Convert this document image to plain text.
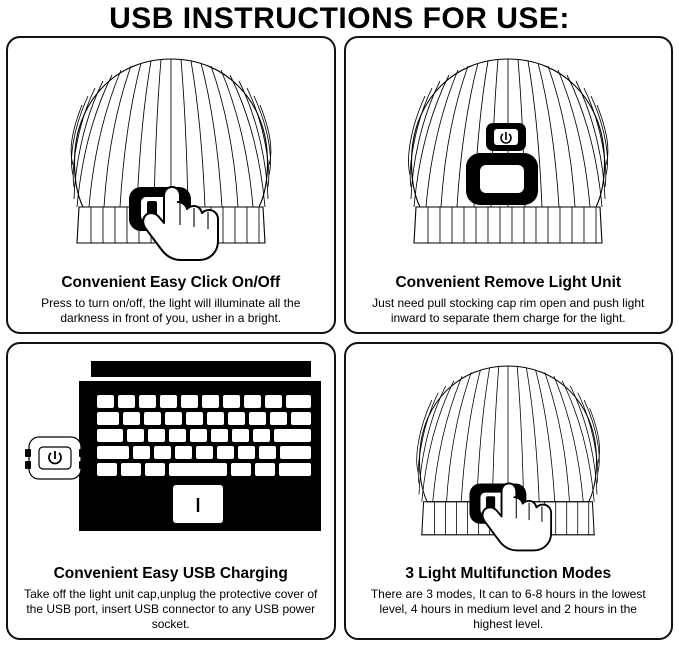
USB INSTRUCTIONS FOR USE:
Convenient Easy Click On/Off

Press to turn on/off, the light will illuminate all the darkness in front of you, usher in a bright.

Convenient Remove Light Unit

Just need pull stocking cap rim open and push light inward to separate them charge for the light.

Convenient Easy USB Charging

Take off the light unit cap,unplug the protective cover of the USB port, insert USB connector to any USB power socket.

3 Light Multifunction Modes

There are 3 modes, It can to 6-8 hours in the lowest level, 4 hours in medium level and 2 hours in the highest level.
